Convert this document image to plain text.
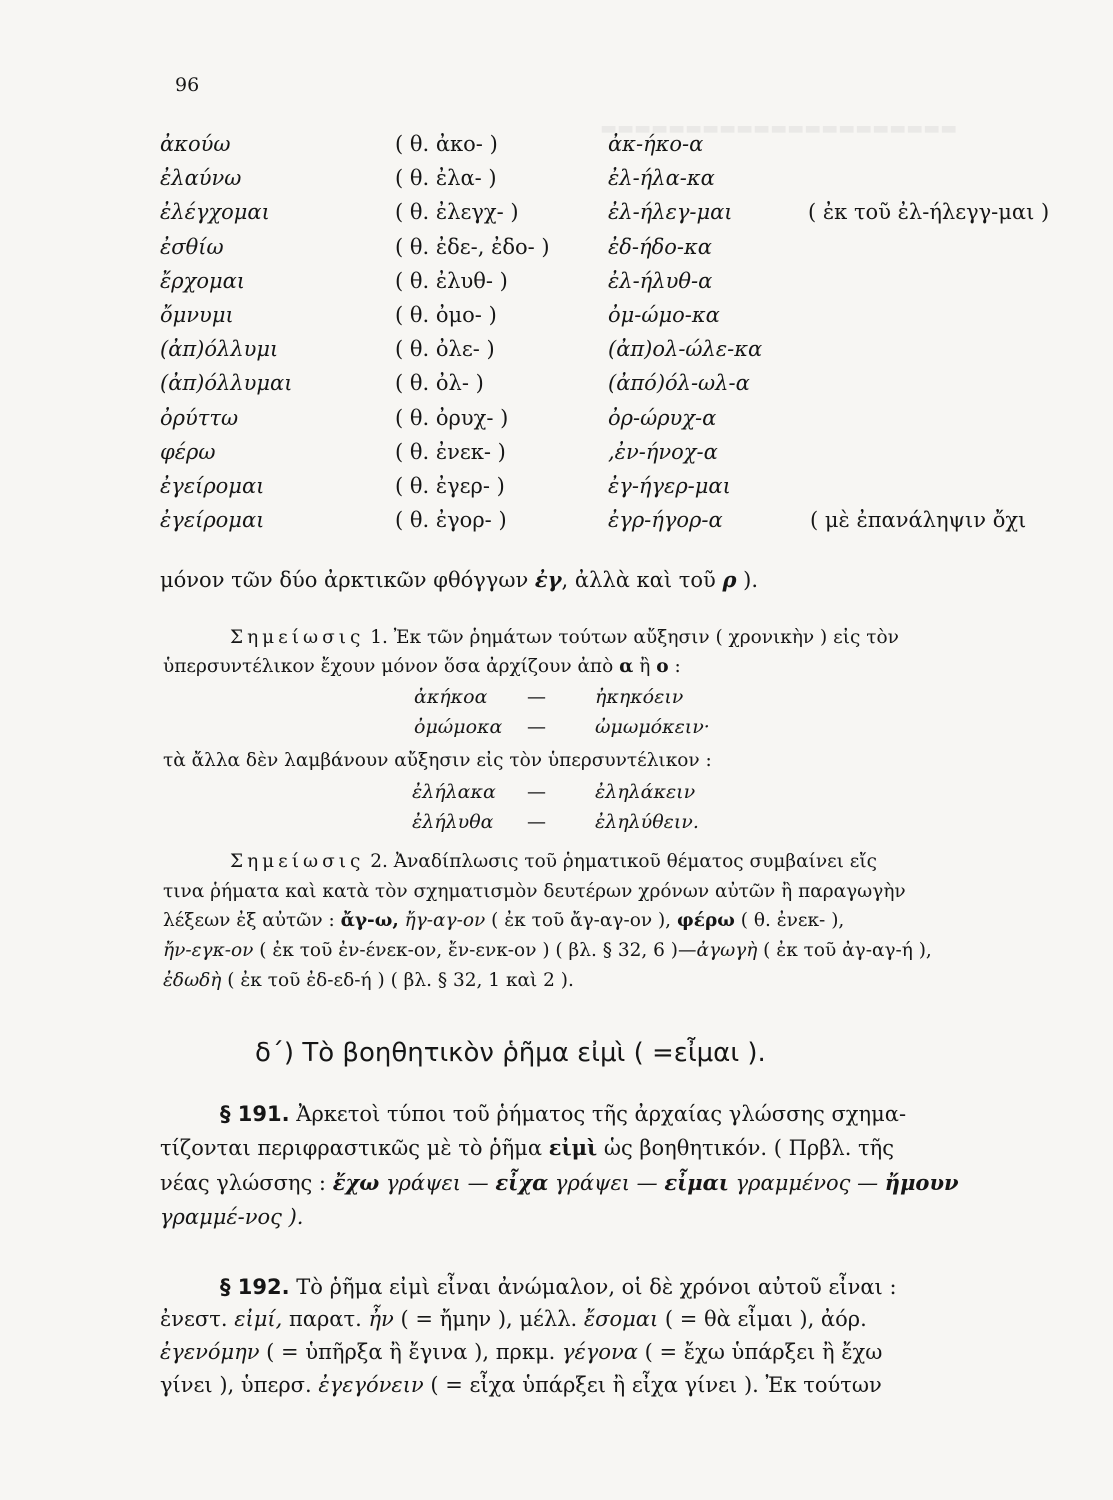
▬▬▬▬▬▬▬▬▬▬▬▬▬▬▬▬▬▬▬▬▬
96
ἀκούω	( θ. ἀκο- )	ἀκ-ήκο-α
ἐλαύνω	( θ. ἐλα- )	ἐλ-ήλα-κα
ἐλέγχομαι	( θ. ἐλεγχ- )	ἐλ-ήλεγ-μαι	( ἐκ τοῦ ἐλ-ήλεγγ-μαι )
ἐσθίω	( θ. ἐδε-, ἐδο- )	ἐδ-ήδο-κα
ἔρχομαι	( θ. ἐλυθ- )	ἐλ-ήλυθ-α
ὄμνυμι	( θ. ὀμο- )	ὀμ-ώμο-κα
(ἀπ)όλλυμι	( θ. ὀλε- )	(ἀπ)ολ-ώλε-κα
(ἀπ)όλλυμαι	( θ. ὀλ- )	(ἀπό)όλ-ωλ-α
ὀρύττω	( θ. ὀρυχ- )	ὀρ-ώρυχ-α
φέρω	( θ. ἐνεκ- )	,ἐν-ήνοχ-α
ἐγείρομαι	( θ. ἐγερ- )	ἐγ-ήγερ-μαι
ἐγείρομαι	( θ. ἐγορ- )	ἐγρ-ήγορ-α	( μὲ ἐπανάληψιν ὄχι
μόνον τῶν δύο ἀρκτικῶν φθόγγων ἐγ, ἀλλὰ καὶ τοῦ ρ ).
Σημείωσις 1. Ἐκ τῶν ῥημάτων τούτων αὔξησιν ( χρονικὴν ) εἰς τὸν
ὑπερσυντέλικον ἔχουν μόνον ὅσα ἀρχίζουν ἀπὸ α ἢ ο :
ἀκήκοα —	ἠκηκόειν
ὀμώμοκα —	ὠμωμόκειν·
τὰ ἄλλα δὲν λαμβάνουν αὔξησιν εἰς τὸν ὑπερσυντέλικον :
ἐλήλακα —	ἐληλάκειν
ἐλήλυθα —	ἐληλύθειν.
Σημείωσις 2. Ἀναδίπλωσις τοῦ ῥηματικοῦ θέματος συμβαίνει εἴς
τινα ῥήματα καὶ κατὰ τὸν σχηματισμὸν δευτέρων χρόνων αὐτῶν ἢ παραγωγὴν
λέξεων ἐξ αὐτῶν : ἄγ-ω, ἤγ-αγ-ον ( ἐκ τοῦ ἄγ-αγ-ον ), φέρω ( θ. ἐνεκ- ),
ἤν-εγκ-ον ( ἐκ τοῦ ἐν-ένεκ-ον, ἔν-ενκ-ον ) ( βλ. § 32, 6 )—ἀγωγὴ ( ἐκ τοῦ ἀγ-αγ-ή ),
ἐδωδὴ ( ἐκ τοῦ ἐδ-εδ-ή ) ( βλ. § 32, 1 καὶ 2 ).
δ΄) Τὸ βοηθητικὸν ῥῆμα εἰμὶ ( =εἶμαι ).
§ 191. Ἀρκετοὶ τύποι τοῦ ῥήματος τῆς ἀρχαίας γλώσσης σχημα-
τίζονται περιφραστικῶς μὲ τὸ ῥῆμα εἰμὶ ὡς βοηθητικόν. ( Πρβλ. τῆς
νέας γλώσσης : ἔχω γράψει — εἶχα γράψει — εἶμαι γραμμένος — ἤμουν
γραμμέ-νος ).
§ 192. Τὸ ῥῆμα εἰμὶ εἶναι ἀνώμαλον, οἱ δὲ χρόνοι αὐτοῦ εἶναι :
ἐνεστ. εἰμί, παρατ. ἦν ( = ἤμην ), μέλλ. ἔσομαι ( = θὰ εἶμαι ), ἀόρ.
ἐγενόμην ( = ὑπῆρξα ἢ ἔγινα ), πρκμ. γέγονα ( = ἔχω ὑπάρξει ἢ ἔχω
γίνει ), ὑπερσ. ἐγεγόνειν ( = εἶχα ὑπάρξει ἢ εἶχα γίνει ). Ἐκ τούτων
